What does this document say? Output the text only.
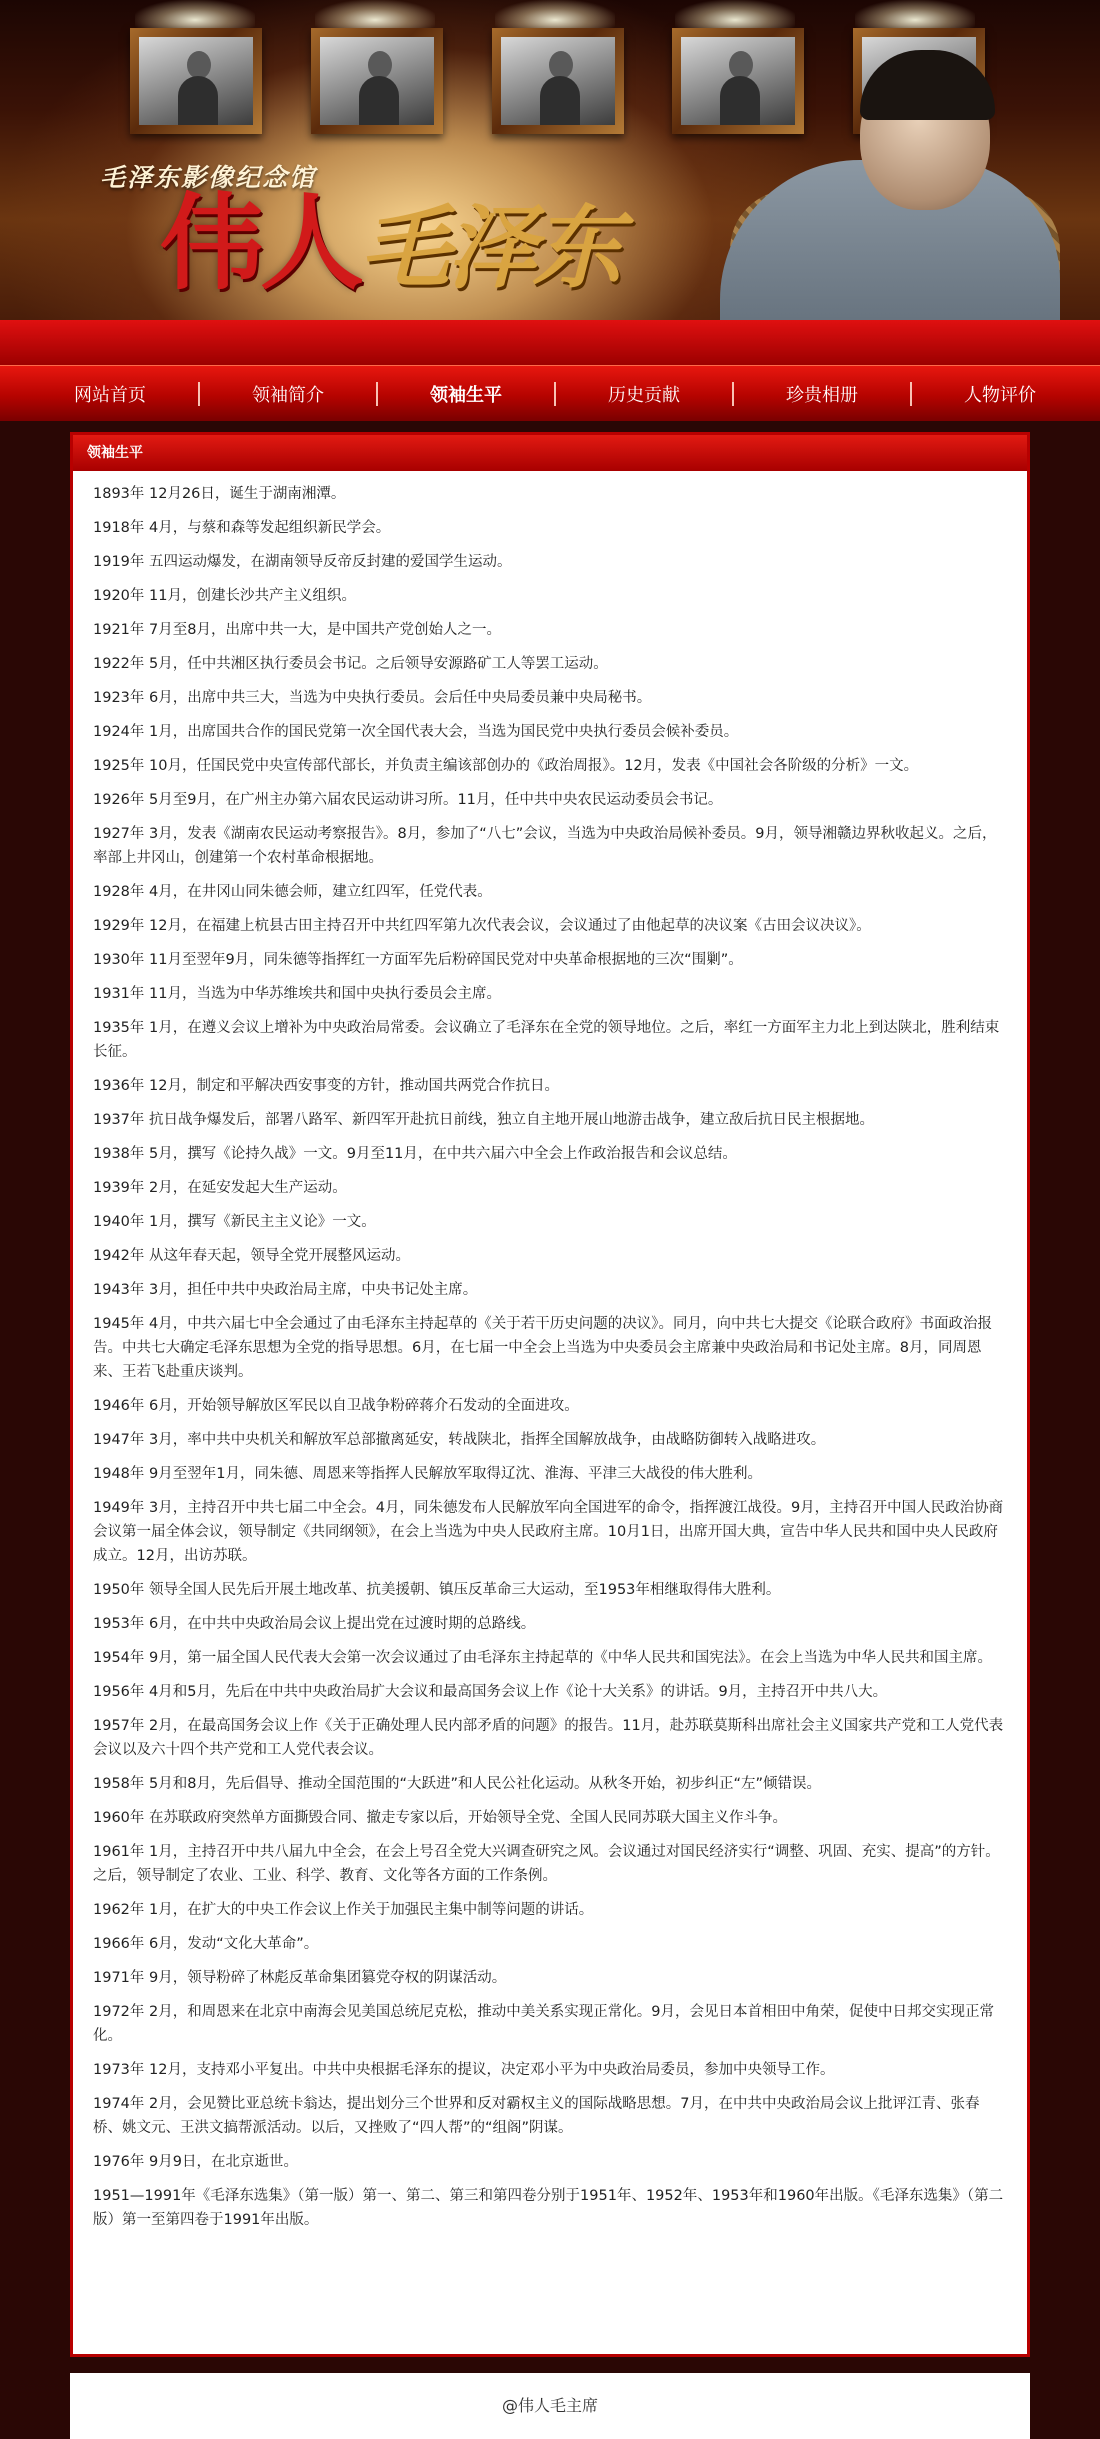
毛泽东影像纪念馆
伟人毛泽东
网站首页	领袖简介	领袖生平	历史贡献	珍贵相册	人物评价
领袖生平

1893年 12月26日，诞生于湖南湘潭。

1918年 4月，与蔡和森等发起组织新民学会。

1919年 五四运动爆发，在湖南领导反帝反封建的爱国学生运动。

1920年 11月，创建长沙共产主义组织。

1921年 7月至8月，出席中共一大，是中国共产党创始人之一。

1922年 5月，任中共湘区执行委员会书记。之后领导安源路矿工人等罢工运动。

1923年 6月，出席中共三大，当选为中央执行委员。会后任中央局委员兼中央局秘书。

1924年 1月，出席国共合作的国民党第一次全国代表大会，当选为国民党中央执行委员会候补委员。

1925年 10月，任国民党中央宣传部代部长，并负责主编该部创办的《政治周报》。12月，发表《中国社会各阶级的分析》一文。

1926年 5月至9月，在广州主办第六届农民运动讲习所。11月，任中共中央农民运动委员会书记。

1927年 3月，发表《湖南农民运动考察报告》。8月，参加了“八七”会议，当选为中央政治局候补委员。9月，领导湘赣边界秋收起义。之后，率部上井冈山，创建第一个农村革命根据地。

1928年 4月，在井冈山同朱德会师，建立红四军，任党代表。

1929年 12月，在福建上杭县古田主持召开中共红四军第九次代表会议，会议通过了由他起草的决议案《古田会议决议》。

1930年 11月至翌年9月，同朱德等指挥红一方面军先后粉碎国民党对中央革命根据地的三次“围剿”。

1931年 11月，当选为中华苏维埃共和国中央执行委员会主席。

1935年 1月，在遵义会议上增补为中央政治局常委。会议确立了毛泽东在全党的领导地位。之后，率红一方面军主力北上到达陕北，胜利结束长征。

1936年 12月，制定和平解决西安事变的方针，推动国共两党合作抗日。

1937年 抗日战争爆发后，部署八路军、新四军开赴抗日前线，独立自主地开展山地游击战争，建立敌后抗日民主根据地。

1938年 5月，撰写《论持久战》一文。9月至11月，在中共六届六中全会上作政治报告和会议总结。

1939年 2月，在延安发起大生产运动。

1940年 1月，撰写《新民主主义论》一文。

1942年 从这年春天起，领导全党开展整风运动。

1943年 3月，担任中共中央政治局主席，中央书记处主席。

1945年 4月，中共六届七中全会通过了由毛泽东主持起草的《关于若干历史问题的决议》。同月，向中共七大提交《论联合政府》书面政治报告。中共七大确定毛泽东思想为全党的指导思想。6月，在七届一中全会上当选为中央委员会主席兼中央政治局和书记处主席。8月，同周恩来、王若飞赴重庆谈判。

1946年 6月，开始领导解放区军民以自卫战争粉碎蒋介石发动的全面进攻。

1947年 3月，率中共中央机关和解放军总部撤离延安，转战陕北，指挥全国解放战争，由战略防御转入战略进攻。

1948年 9月至翌年1月，同朱德、周恩来等指挥人民解放军取得辽沈、淮海、平津三大战役的伟大胜利。

1949年 3月，主持召开中共七届二中全会。4月，同朱德发布人民解放军向全国进军的命令，指挥渡江战役。9月，主持召开中国人民政治协商会议第一届全体会议，领导制定《共同纲领》，在会上当选为中央人民政府主席。10月1日，出席开国大典，宣告中华人民共和国中央人民政府成立。12月，出访苏联。

1950年 领导全国人民先后开展土地改革、抗美援朝、镇压反革命三大运动，至1953年相继取得伟大胜利。

1953年 6月，在中共中央政治局会议上提出党在过渡时期的总路线。

1954年 9月，第一届全国人民代表大会第一次会议通过了由毛泽东主持起草的《中华人民共和国宪法》。在会上当选为中华人民共和国主席。

1956年 4月和5月，先后在中共中央政治局扩大会议和最高国务会议上作《论十大关系》的讲话。9月，主持召开中共八大。

1957年 2月，在最高国务会议上作《关于正确处理人民内部矛盾的问题》的报告。11月，赴苏联莫斯科出席社会主义国家共产党和工人党代表会议以及六十四个共产党和工人党代表会议。

1958年 5月和8月，先后倡导、推动全国范围的“大跃进”和人民公社化运动。从秋冬开始，初步纠正“左”倾错误。

1960年 在苏联政府突然单方面撕毁合同、撤走专家以后，开始领导全党、全国人民同苏联大国主义作斗争。

1961年 1月，主持召开中共八届九中全会，在会上号召全党大兴调查研究之风。会议通过对国民经济实行“调整、巩固、充实、提高”的方针。之后，领导制定了农业、工业、科学、教育、文化等各方面的工作条例。

1962年 1月，在扩大的中央工作会议上作关于加强民主集中制等问题的讲话。

1966年 6月，发动“文化大革命”。

1971年 9月，领导粉碎了林彪反革命集团篡党夺权的阴谋活动。

1972年 2月，和周恩来在北京中南海会见美国总统尼克松，推动中美关系实现正常化。9月，会见日本首相田中角荣，促使中日邦交实现正常化。

1973年 12月，支持邓小平复出。中共中央根据毛泽东的提议，决定邓小平为中央政治局委员，参加中央领导工作。

1974年 2月，会见赞比亚总统卡翁达，提出划分三个世界和反对霸权主义的国际战略思想。7月，在中共中央政治局会议上批评江青、张春桥、姚文元、王洪文搞帮派活动。以后，又挫败了“四人帮”的“组阁”阴谋。

1976年 9月9日，在北京逝世。

1951—1991年《毛泽东选集》（第一版）第一、第二、第三和第四卷分别于1951年、1952年、1953年和1960年出版。《毛泽东选集》（第二版）第一至第四卷于1991年出版。

@伟人毛主席
